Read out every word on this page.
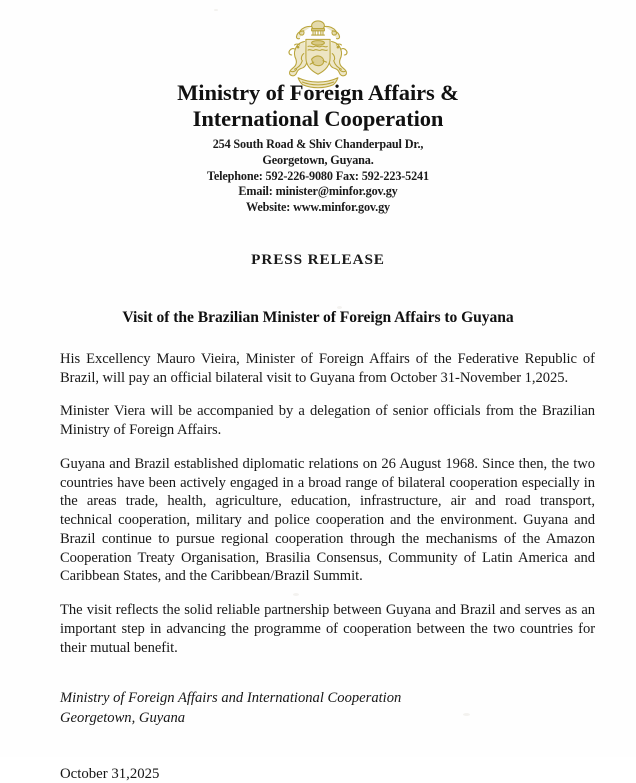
Ministry of Foreign Affairs &
International Cooperation
254 South Road & Shiv Chanderpaul Dr.,
Georgetown, Guyana.
Telephone: 592-226-9080 Fax: 592-223-5241
Email: minister@minfor.gov.gy
Website: www.minfor.gov.gy
PRESS RELEASE
Visit of the Brazilian Minister of Foreign Affairs to Guyana

His Excellency Mauro Vieira, Minister of Foreign Affairs of the Federative Republic of Brazil, will pay an official bilateral visit to Guyana from October 31-November 1,2025.

Minister Viera will be accompanied by a delegation of senior officials from the Brazilian Ministry of Foreign Affairs.

Guyana and Brazil established diplomatic relations on 26 August 1968. Since then, the two countries have been actively engaged in a broad range of bilateral cooperation especially in the areas trade, health, agriculture, education, infrastructure, air and road transport, technical cooperation, military and police cooperation and the environment. Guyana and Brazil continue to pursue regional cooperation through the mechanisms of the Amazon Cooperation Treaty Organisation, Brasilia Consensus, Community of Latin America and Caribbean States, and the Caribbean/Brazil Summit.

The visit reflects the solid reliable partnership between Guyana and Brazil and serves as an important step in advancing the programme of cooperation between the two countries for their mutual benefit.

Ministry of Foreign Affairs and International Cooperation
Georgetown, Guyana
October 31,2025
